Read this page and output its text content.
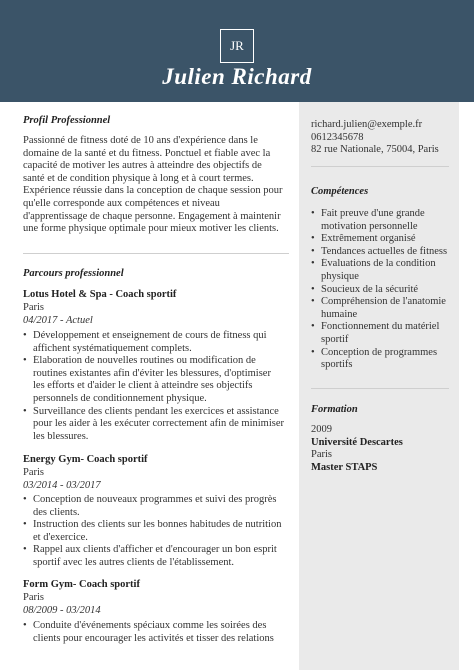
JR
Julien Richard
Profil Professionnel
Passionné de fitness doté de 10 ans d'expérience dans le
domaine de la santé et du fitness. Ponctuel et fiable avec la
capacité de motiver les autres à atteindre des objectifs de
santé et de condition physique à long et à court termes.
Expérience réussie dans la conception de chaque session pour
qu'elle corresponde aux compétences et niveau
d'apprentissage de chaque personne. Engagement à maintenir
une forme physique optimale pour mieux motiver les clients.
Parcours professionnel
Lotus Hotel & Spa - Coach sportif
Paris
04/2017 - Actuel
• Développement et enseignement de cours de fitness qui
affichent systématiquement complets.
• Élaboration de nouvelles routines ou modification de
routines existantes afin d'éviter les blessures, d'optimiser
les efforts et d'aider le client à atteindre ses objectifs
personnels de conditionnement physique.
• Surveillance des clients pendant les exercices et assistance
pour les aider à les exécuter correctement afin de minimiser
les blessures.
Energy Gym- Coach sportif
Paris
03/2014 - 03/2017
• Conception de nouveaux programmes et suivi des progrès
des clients.
• Instruction des clients sur les bonnes habitudes de nutrition
et d'exercice.
• Rappel aux clients d'afficher et d'encourager un bon esprit
sportif avec les autres clients de l'établissement.
Form Gym- Coach sportif
Paris
08/2009 - 03/2014
• Conduite d'événements spéciaux comme les soirées des
clients pour encourager les activités et tisser des relations
richard.julien@exemple.fr
0612345678
82 rue Nationale, 75004, Paris
Compétences
• Fait preuve d'une grande
motivation personnelle
• Extrêmement organisé
• Tendances actuelles de fitness
• Évaluations de la condition
physique
• Soucieux de la sécurité
• Compréhension de l'anatomie
humaine
• Fonctionnement du matériel
sportif
• Conception de programmes
sportifs
Formation
2009
Université Descartes
Paris
Master STAPS
